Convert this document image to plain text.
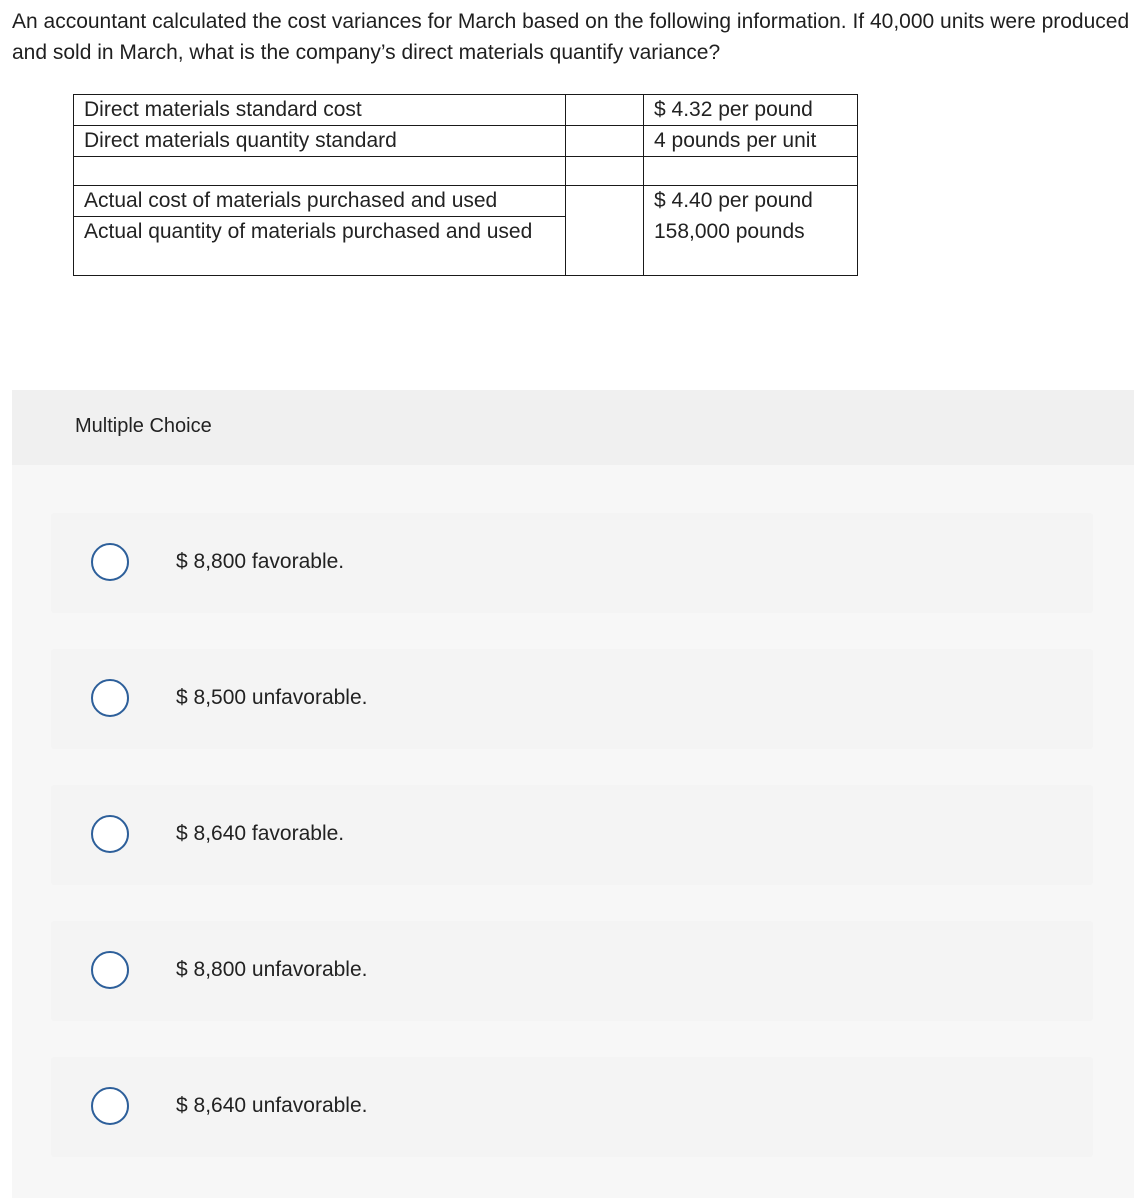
An accountant calculated the cost variances for March based on the following information. If 40,000 units were produced and sold in March, what is the company’s direct materials quantify variance?

Direct materials standard cost		$ 4.32 per pound
Direct materials quantity standard		4 pounds per unit

Actual cost of materials purchased and used		$ 4.40 per pound
Actual quantity of materials purchased and used		158,000 pounds
Multiple Choice
$ 8,800 favorable.
$ 8,500 unfavorable.
$ 8,640 favorable.
$ 8,800 unfavorable.
$ 8,640 unfavorable.
